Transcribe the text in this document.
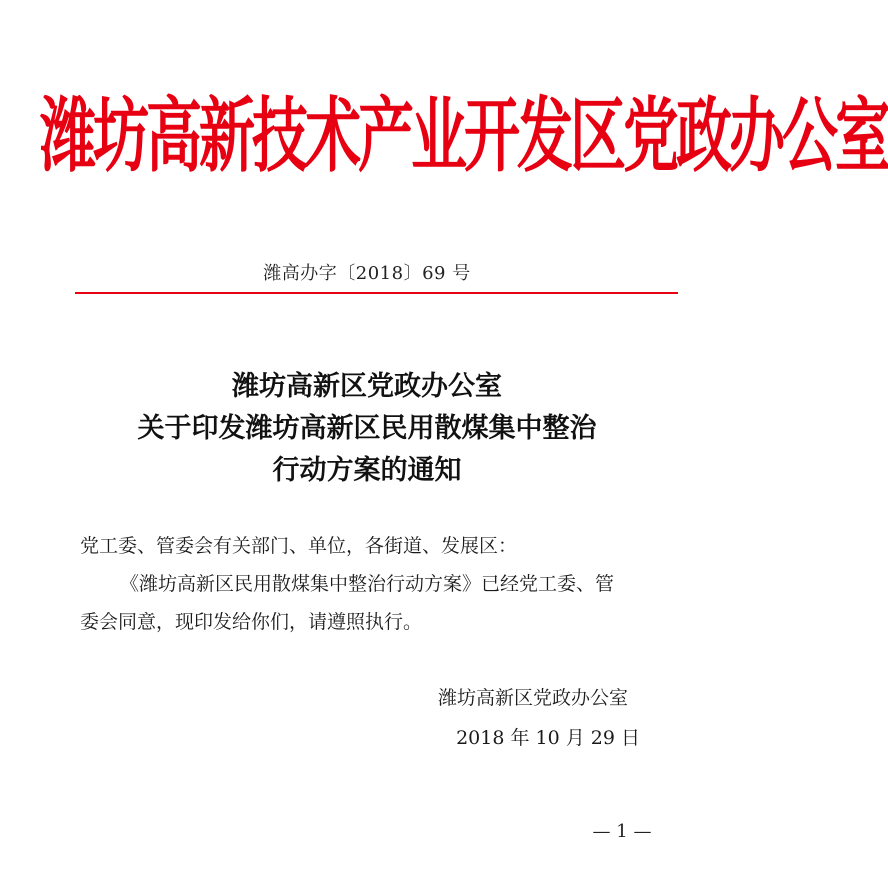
潍坊高新技术产业开发区党政办公室
潍高办字〔2018〕69 号
潍坊高新区党政办公室
关于印发潍坊高新区民用散煤集中整治
行动方案的通知
党工委、管委会有关部门、单位，各街道、发展区：
《潍坊高新区民用散煤集中整治行动方案》已经党工委、管
委会同意，现印发给你们，请遵照执行。
潍坊高新区党政办公室
2018 年 10 月 29 日
— 1 —
